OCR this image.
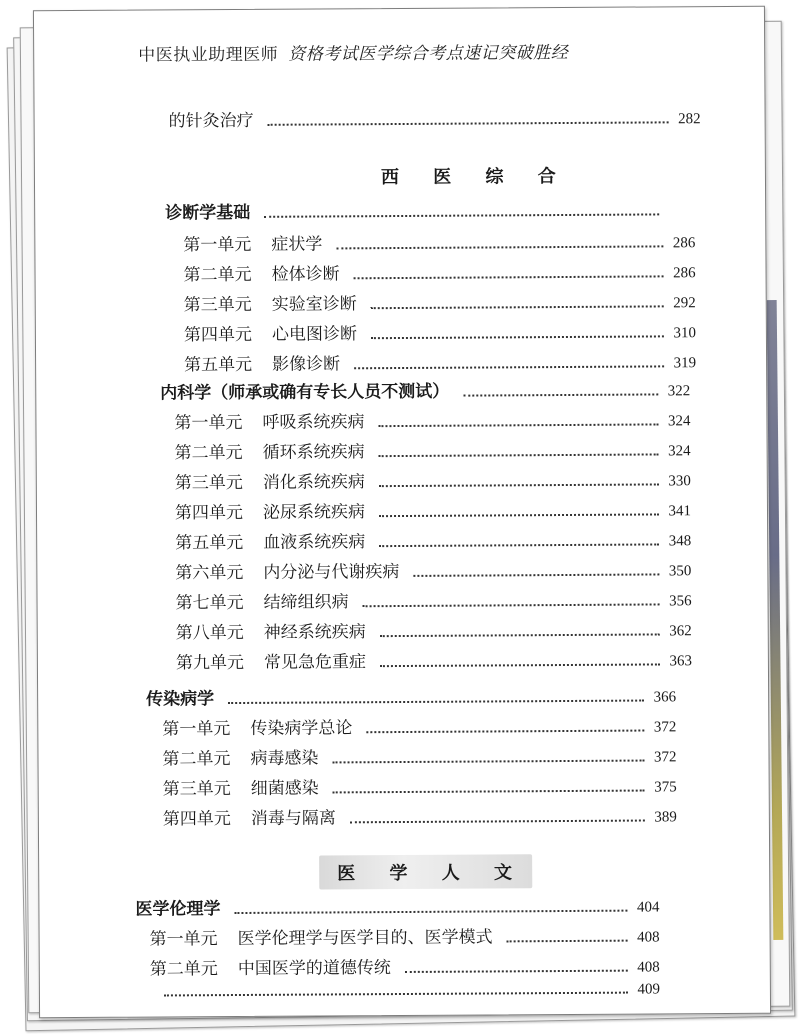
中医执业助理医师 资格考试医学综合考点速记突破胜经
的针灸治疗	282
西 医 综 合
诊断学基础
第一单元 症状学	286
第二单元 检体诊断	286
第三单元 实验室诊断	292
第四单元 心电图诊断	310
第五单元 影像诊断	319
内科学（师承或确有专长人员不测试）	322
第一单元 呼吸系统疾病	324
第二单元 循环系统疾病	324
第三单元 消化系统疾病	330
第四单元 泌尿系统疾病	341
第五单元 血液系统疾病	348
第六单元 内分泌与代谢疾病	350
第七单元 结缔组织病	356
第八单元 神经系统疾病	362
第九单元 常见急危重症	363
传染病学	366
第一单元 传染病学总论	372
第二单元 病毒感染	372
第三单元 细菌感染	375
第四单元 消毒与隔离	389
医 学 人 文
医学伦理学	404
第一单元 医学伦理学与医学目的、医学模式	408
第二单元 中国医学的道德传统	408
409
